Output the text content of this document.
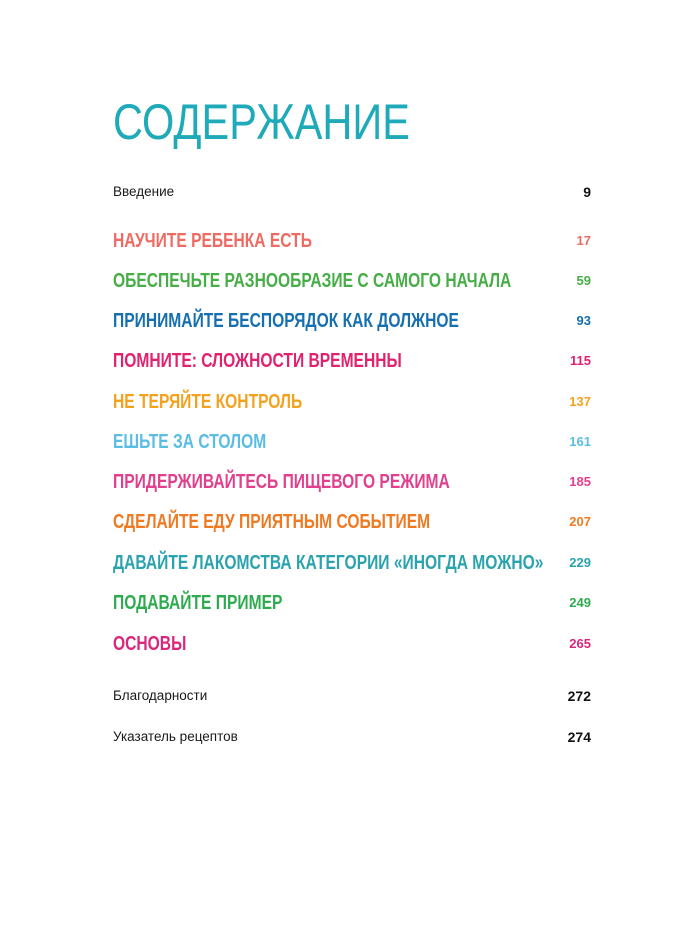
СОДЕРЖАНИЕ
Введение	9
НАУЧИТЕ РЕБЕНКА ЕСТЬ	17
ОБЕСПЕЧЬТЕ РАЗНООБРАЗИЕ С САМОГО НАЧАЛА	59
ПРИНИМАЙТЕ БЕСПОРЯДОК КАК ДОЛЖНОЕ	93
ПОМНИТЕ: СЛОЖНОСТИ ВРЕМЕННЫ	115
НЕ ТЕРЯЙТЕ КОНТРОЛЬ	137
ЕШЬТЕ ЗА СТОЛОМ	161
ПРИДЕРЖИВАЙТЕСЬ ПИЩЕВОГО РЕЖИМА	185
СДЕЛАЙТЕ ЕДУ ПРИЯТНЫМ СОБЫТИЕМ	207
ДАВАЙТЕ ЛАКОМСТВА КАТЕГОРИИ «ИНОГДА МОЖНО» 229
ПОДАВАЙТЕ ПРИМЕР	249
ОСНОВЫ	265
Благодарности	272
Указатель рецептов	274
